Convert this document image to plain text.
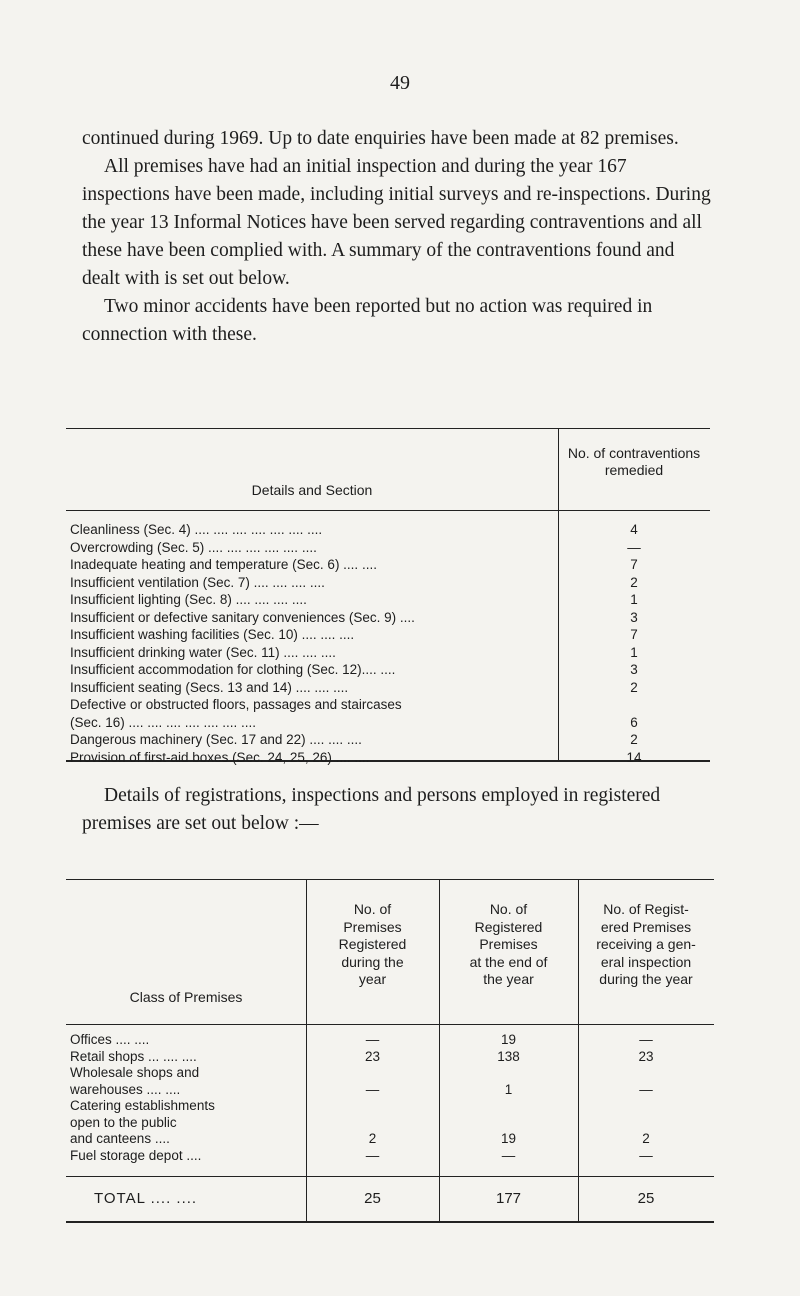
49

continued during 1969. Up to date enquiries have been made at 82 premises.

All premises have had an initial inspection and during the year 167 inspections have been made, including initial surveys and re-inspections. During the year 13 Informal Notices have been served regarding contraventions and all these have been complied with. A summary of the contraventions found and dealt with is set out below.

Two minor accidents have been reported but no action was required in connection with these.

Details and Section
No. of contraventions remedied
Cleanliness (Sec. 4) .... .... .... .... .... .... ....	4
Overcrowding (Sec. 5) .... .... .... .... .... ....	—
Inadequate heating and temperature (Sec. 6) .... ....	7
Insufficient ventilation (Sec. 7) .... .... .... ....	2
Insufficient lighting (Sec. 8) .... .... .... ....	1
Insufficient or defective sanitary conveniences (Sec. 9) ....	3
Insufficient washing facilities (Sec. 10) .... .... ....	7
Insufficient drinking water (Sec. 11) .... .... ....	1
Insufficient accommodation for clothing (Sec. 12).... ....	3
Insufficient seating (Secs. 13 and 14) .... .... ....	2
Defective or obstructed floors, passages and staircases
(Sec. 16) .... .... .... .... .... .... ....	6
Dangerous machinery (Sec. 17 and 22) .... .... ....	2
Provision of first-aid boxes (Sec. 24, 25, 26) .... ....	14

Details of registrations, inspections and persons employed in registered premises are set out below :—

Class of Premises
No. of
Premises
Registered
during the
year
No. of
Registered
Premises
at the end of
the year
No. of Regist-
ered Premises
receiving a gen-
eral inspection
during the year
Offices .... ....	—	19	—
Retail shops ... .... ....	23	138	23
Wholesale shops and
warehouses .... ....	—	1	—
Catering establishments
open to the public
and canteens ....	2	19	2
Fuel storage depot ....	—	—	—
TOTAL .... ....	25	177	25
